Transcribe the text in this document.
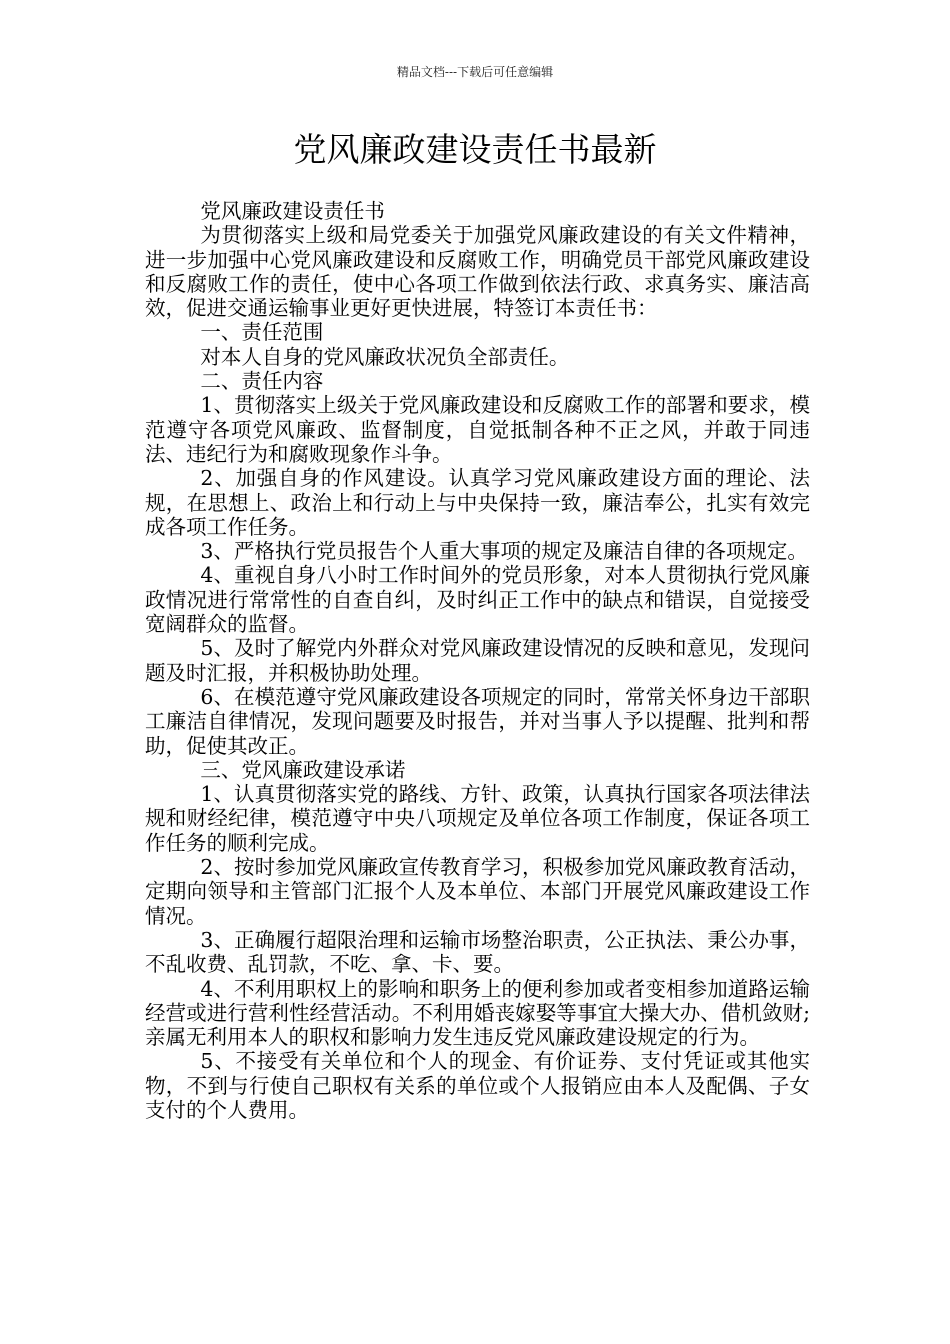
精品文档---下载后可任意编辑
党风廉政建设责任书最新

党风廉政建设责任书

为贯彻落实上级和局党委关于加强党风廉政建设的有关文件精神，进一步加强中心党风廉政建设和反腐败工作，明确党员干部党风廉政建设和反腐败工作的责任，使中心各项工作做到依法行政、求真务实、廉洁高效，促进交通运输事业更好更快进展，特签订本责任书：

一、责任范围

对本人自身的党风廉政状况负全部责任。

二、责任内容

1、贯彻落实上级关于党风廉政建设和反腐败工作的部署和要求，模范遵守各项党风廉政、监督制度，自觉抵制各种不正之风，并敢于同违法、违纪行为和腐败现象作斗争。

2、加强自身的作风建设。认真学习党风廉政建设方面的理论、法规，在思想上、政治上和行动上与中央保持一致，廉洁奉公，扎实有效完成各项工作任务。

3、严格执行党员报告个人重大事项的规定及廉洁自律的各项规定。

4、重视自身八小时工作时间外的党员形象，对本人贯彻执行党风廉政情况进行常常性的自查自纠，及时纠正工作中的缺点和错误，自觉接受宽阔群众的监督。

5、及时了解党内外群众对党风廉政建设情况的反映和意见，发现问题及时汇报，并积极协助处理。

6、在模范遵守党风廉政建设各项规定的同时，常常关怀身边干部职工廉洁自律情况，发现问题要及时报告，并对当事人予以提醒、批判和帮助，促使其改正。

三、党风廉政建设承诺

1、认真贯彻落实党的路线、方针、政策，认真执行国家各项法律法规和财经纪律，模范遵守中央八项规定及单位各项工作制度，保证各项工作任务的顺利完成。

2、按时参加党风廉政宣传教育学习，积极参加党风廉政教育活动，定期向领导和主管部门汇报个人及本单位、本部门开展党风廉政建设工作情况。

3、正确履行超限治理和运输市场整治职责，公正执法、秉公办事，不乱收费、乱罚款，不吃、拿、卡、要。

4、不利用职权上的影响和职务上的便利参加或者变相参加道路运输经营或进行营利性经营活动。不利用婚丧嫁娶等事宜大操大办、借机敛财;亲属无利用本人的职权和影响力发生违反党风廉政建设规定的行为。

5、不接受有关单位和个人的现金、有价证券、支付凭证或其他实物，不到与行使自己职权有关系的单位或个人报销应由本人及配偶、子女支付的个人费用。
